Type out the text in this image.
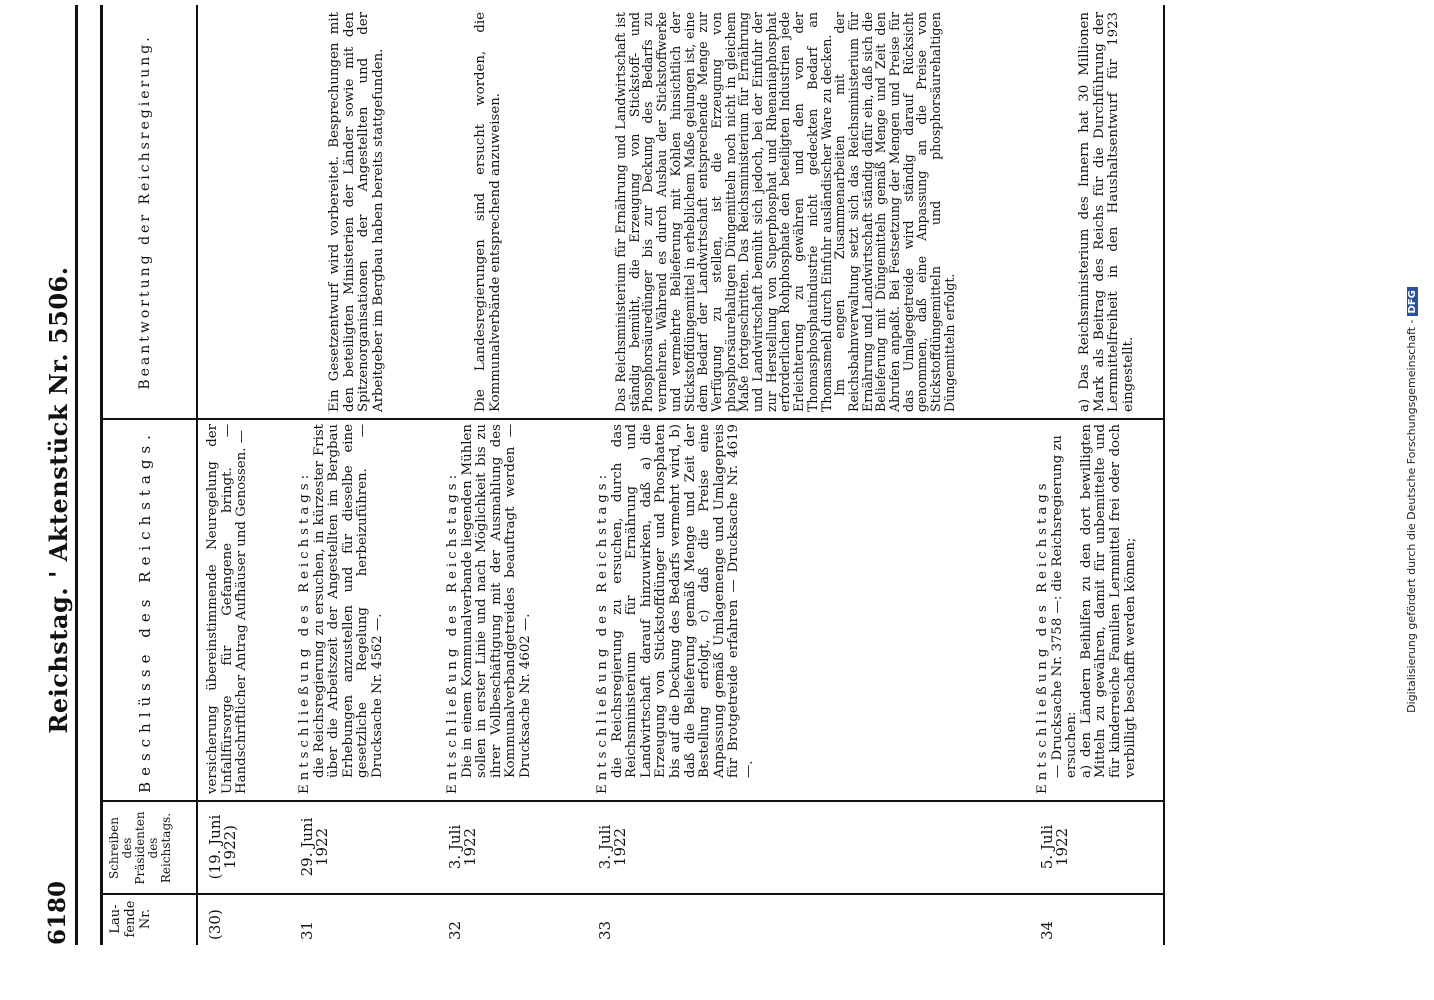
6180
Reichstag. ' Aktenstück Nr. 5506.
Lau-
fende
Nr.
Schreiben
des
Präsidenten
des
Reichstags.
Beschlüsse des Reichstags.
Beantwortung der Reichsregierung.
(30)
(19. Juni
1922)
versicherung übereinstimmende Neuregelung der Unfallfürsorge für Gefangene bringt. — Handschriftlicher Antrag Aufhäuser und Genossen. —
31
29. Juni
1922

Entschließung des Reichstags: die Reichsregierung zu ersuchen, in kürzester Frist über die Arbeitszeit der Angestellten im Bergbau Erhebungen anzustellen und für dieselbe eine gesetzliche Regelung herbeizuführen. — Drucksache Nr. 4562 —.

Ein Gesetzentwurf wird vorbereitet. Besprechungen mit den beteiligten Ministerien der Länder sowie mit den Spitzenorganisationen der Angestellten und der Arbeitgeber im Bergbau haben bereits stattgefunden.
32
3. Juli
1922

Entschließung des Reichstags: Die in einem Kommunalverbande liegenden Mühlen sollen in erster Linie und nach Möglichkeit bis zu ihrer Vollbeschäftigung mit der Ausmahlung des Kommunalverbandgetreides beauftragt werden — Drucksache Nr. 4602 —.

Die Landesregierungen sind ersucht worden, die Kommunalverbände entsprechend anzuweisen.
33
3. Juli
1922

Entschließung des Reichstags: die Reichsregierung zu ersuchen, durch das Reichsministerium für Ernährung und Landwirtschaft darauf hinzuwirken, daß a) die Erzeugung von Stickstoffdünger und Phosphaten bis auf die Deckung des Bedarfs vermehrt wird, b) daß die Belieferung gemäß Menge und Zeit der Bestellung erfolgt, c) daß die Preise eine Anpassung gemäß Umlagemenge und Umlagepreis für Brotgetreide erfahren — Drucksache Nr. 4619 —.

Das Reichsministerium für Ernährung und Landwirtschaft ist ständig bemüht, die Erzeugung von Stickstoff- und Phosphorsäuredünger bis zur Deckung des Bedarfs zu vermehren. Während es durch Ausbau der Stickstoffwerke und vermehrte Belieferung mit Kohlen hinsichtlich der Stickstoffdüngemittel in erheblichem Maße gelungen ist, eine dem Bedarf der Landwirtschaft entsprechende Menge zur Verfügung zu stellen, ist die Erzeugung von phosphorsäurehaltigen Düngemitteln noch nicht in gleichem Maße fortgeschritten. Das Reichsministerium für Ernährung und Landwirtschaft bemüht sich jedoch, bei der Einfuhr der zur Herstellung von Superphosphat und Rhenaniaphosphat erforderlichen Rohphosphate den beteiligten Industrien jede Erleichterung zu gewähren und den von der Thomasphosphatindustrie nicht gedeckten Bedarf an Thomasmehl durch Einfuhr ausländischer Ware zu decken.

Im engen Zusammenarbeiten mit der Reichsbahnverwaltung setzt sich das Reichsministerium für Ernährung und Landwirtschaft ständig dafür ein, daß sich die Belieferung mit Düngemitteln gemäß Menge und Zeit den Abrufen anpaßt. Bei Festsetzung der Mengen und Preise für das Umlagegetreide wird ständig darauf Rücksicht genommen, daß eine Anpassung an die Preise von Stickstoffdüngemitteln und phosphorsäurehaltigen Düngemitteln erfolgt.

34
5. Juli
1922

Entschließung des Reichstags — Drucksache Nr. 3758 —: die Reichsregierung zu ersuchen: a) den Ländern Beihilfen zu den dort bewilligten Mitteln zu gewähren, damit für unbemittelte und für kinderreiche Familien Lernmittel frei oder doch verbilligt beschafft werden können;

a) Das Reichsministerium des Innern hat 30 Millionen Mark als Beitrag des Reichs für die Durchführung der Lernmittelfreiheit in den Haushaltsentwurf für 1923 eingestellt.	Digitalisierung gefördert durch die Deutsche Forschungsgemeinschaft -DFG
